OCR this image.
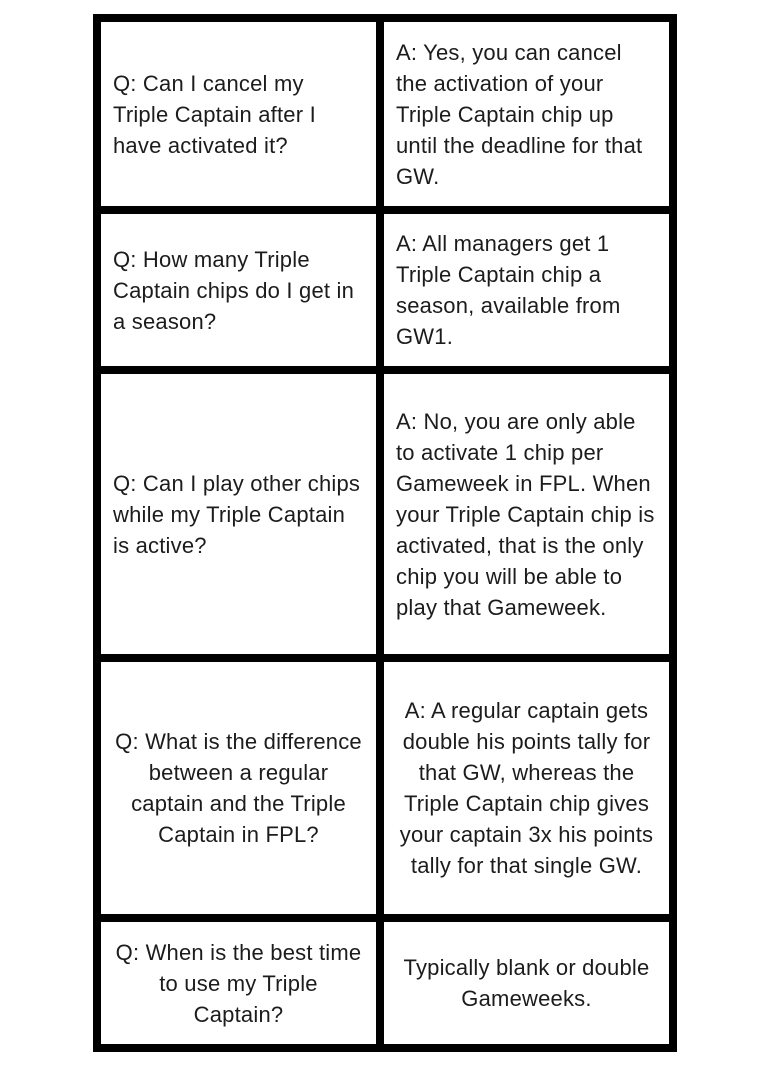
Q: Can I cancel my Triple Captain after I have activated it?

A: Yes, you can cancel the activation of your Triple Captain chip up until the deadline for that GW.

Q: How many Triple Captain chips do I get in a season?

A: All managers get 1 Triple Captain chip a season, available from GW1.

Q: Can I play other chips while my Triple Captain is active?

A: No, you are only able to activate 1 chip per Gameweek in FPL. When your Triple Captain chip is activated, that is the only chip you will be able to play that Gameweek.

Q: What is the difference between a regular captain and the Triple Captain in FPL?

A: A regular captain gets double his points tally for that GW, whereas the Triple Captain chip gives your captain 3x his points tally for that single GW.

Q: When is the best time to use my Triple Captain?

Typically blank or double Gameweeks.
